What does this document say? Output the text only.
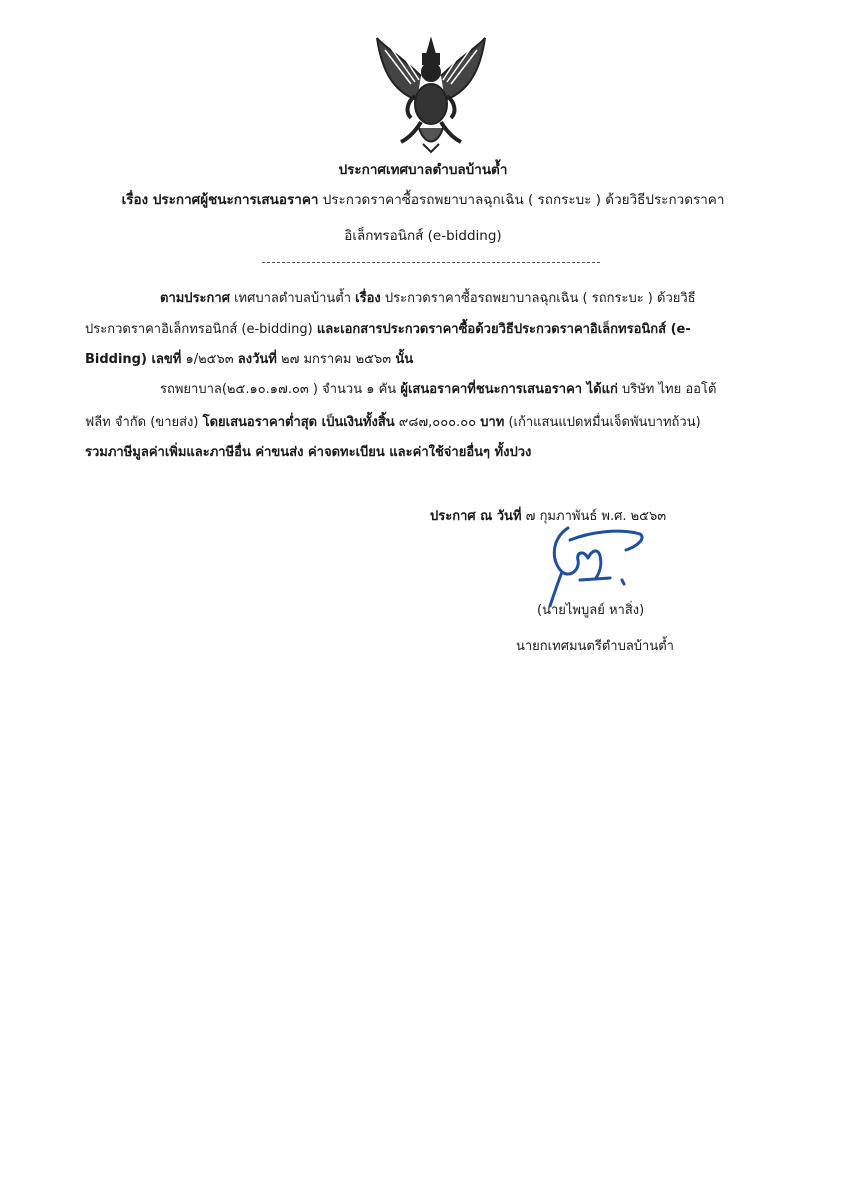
ประกาศเทศบาลตำบลบ้านต้ำ
เรื่อง ประกาศผู้ชนะการเสนอราคา ประกวดราคาซื้อรถพยาบาลฉุกเฉิน ( รถกระบะ ) ด้วยวิธีประกวดราคา
อิเล็กทรอนิกส์ (e-bidding)
ตามประกาศ เทศบาลตำบลบ้านต้ำ เรื่อง ประกวดราคาซื้อรถพยาบาลฉุกเฉิน ( รถกระบะ ) ด้วยวิธี
ประกวดราคาอิเล็กทรอนิกส์ (e-bidding) และเอกสารประกวดราคาซื้อด้วยวิธีประกวดราคาอิเล็กทรอนิกส์ (e-
Bidding) เลขที่ ๑/๒๕๖๓ ลงวันที่ ๒๗ มกราคม ๒๕๖๓ นั้น
รถพยาบาล(๒๕.๑๐.๑๗.๐๓ ) จำนวน ๑ คัน ผู้เสนอราคาที่ชนะการเสนอราคา ได้แก่ บริษัท ไทย ออโต้
ฟลีท จำกัด (ขายส่ง) โดยเสนอราคาต่ำสุด เป็นเงินทั้งสิ้น ๙๘๗,๐๐๐.๐๐ บาท (เก้าแสนแปดหมื่นเจ็ดพันบาทถ้วน)
รวมภาษีมูลค่าเพิ่มและภาษีอื่น ค่าขนส่ง ค่าจดทะเบียน และค่าใช้จ่ายอื่นๆ ทั้งปวง
ประกาศ ณ วันที่ ๗ กุมภาพันธ์ พ.ศ. ๒๕๖๓
(นายไพบูลย์ หาสิ่ง)
นายกเทศมนตรีตำบลบ้านต้ำ
